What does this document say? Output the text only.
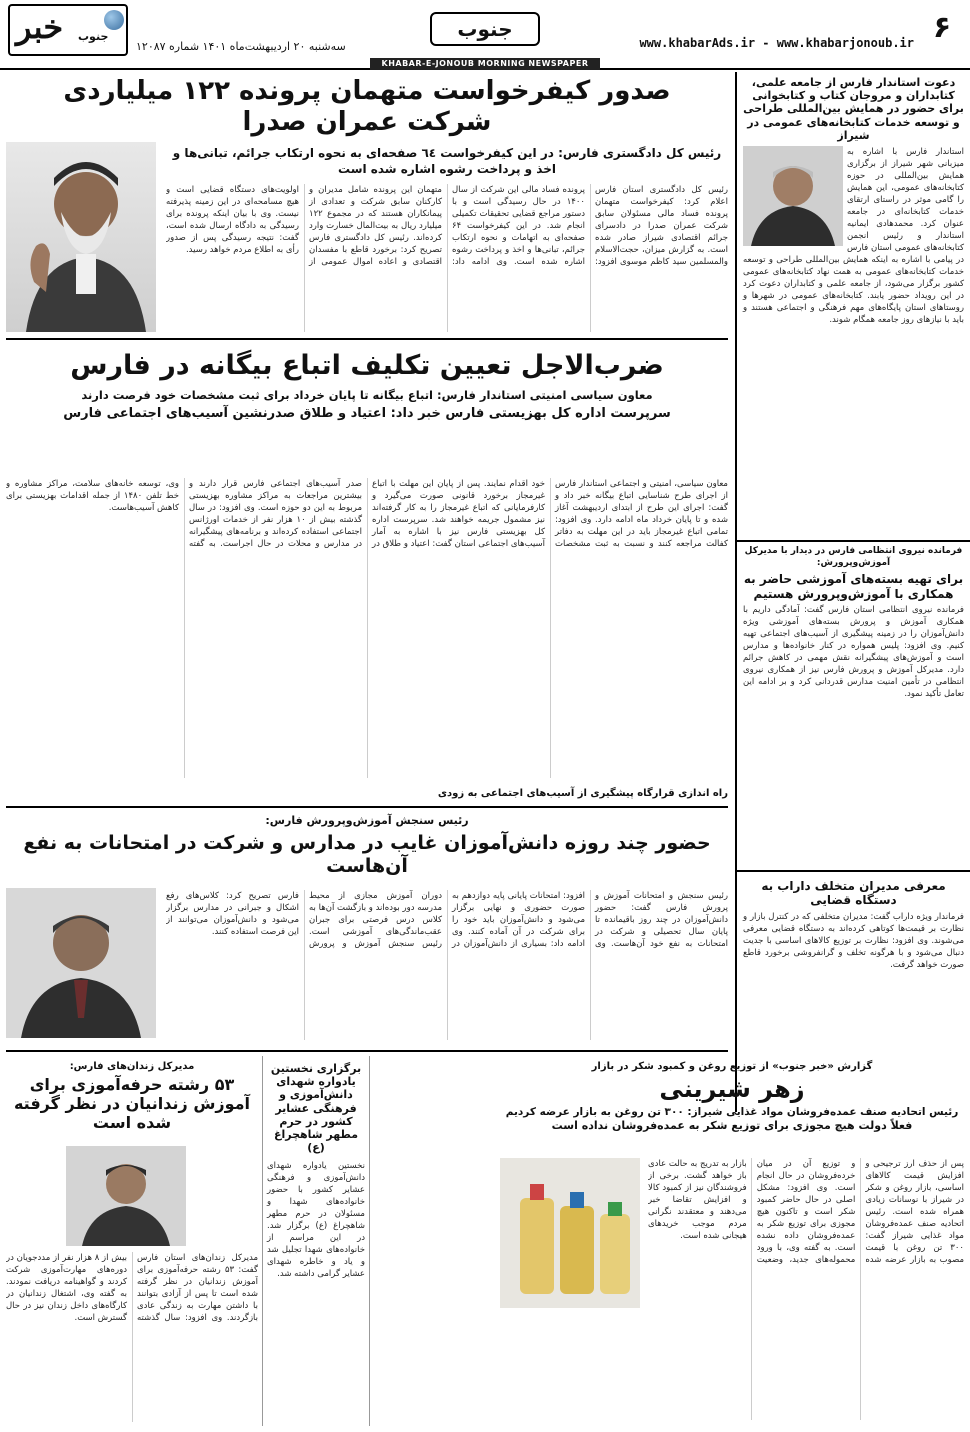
۶
www.khabarAds.ir - www.khabarjonoub.ir
جنوب
خبر جنوب
سه‌شنبه ۲۰ اردیبهشت‌ماه ۱۴۰۱ شماره ۱۲۰۸۷
KHABAR-E-JONOUB MORNING NEWSPAPER
صدور کیفرخواست متهمان پرونده ۱۲۲ میلیاردی
شرکت عمران صدرا

رئیس کل دادگستری فارس: در این کیفرخواست ٦٤ صفحه‌ای به نحوه ارتکاب جرائم، تبانی‌ها و اخذ و پرداخت رشوه اشاره شده است

رئیس کل دادگستری استان فارس اعلام کرد: کیفرخواست متهمان پرونده فساد مالی مسئولان سابق شرکت عمران صدرا در دادسرای جرائم اقتصادی شیراز صادر شده است. به گزارش میزان، حجت‌الاسلام والمسلمین سید کاظم موسوی افزود: پرونده فساد مالی این شرکت از سال ۱۴۰۰ در حال رسیدگی است و با دستور مراجع قضایی تحقیقات تکمیلی انجام شد. در این کیفرخواست ۶۴ صفحه‌ای به اتهامات و نحوه ارتکاب جرائم، تبانی‌ها و اخذ و پرداخت رشوه اشاره شده است. وی ادامه داد: متهمان این پرونده شامل مدیران و کارکنان سابق شرکت و تعدادی از پیمانکاران هستند که در مجموع ۱۲۲ میلیارد ریال به بیت‌المال خسارت وارد کرده‌اند. رئیس کل دادگستری فارس تصریح کرد: برخورد قاطع با مفسدان اقتصادی و اعاده اموال عمومی از اولویت‌های دستگاه قضایی است و هیچ مسامحه‌ای در این زمینه پذیرفته نیست. وی با بیان اینکه پرونده برای رسیدگی به دادگاه ارسال شده است، گفت: نتیجه رسیدگی پس از صدور رأی به اطلاع مردم خواهد رسید.
ضرب‌الاجل تعیین تکلیف اتباع بیگانه در فارس

معاون سیاسی امنیتی استاندار فارس: اتباع بیگانه تا پایان خرداد برای ثبت مشخصات خود فرصت دارند

سرپرست اداره کل بهزیستی فارس خبر داد: اعتیاد و طلاق صدرنشین آسیب‌های اجتماعی فارس

معاون سیاسی، امنیتی و اجتماعی استاندار فارس از اجرای طرح شناسایی اتباع بیگانه خبر داد و گفت: اجرای این طرح از ابتدای اردیبهشت آغاز شده و تا پایان خرداد ماه ادامه دارد. وی افزود: تمامی اتباع غیرمجاز باید در این مهلت به دفاتر کفالت مراجعه کنند و نسبت به ثبت مشخصات خود اقدام نمایند. پس از پایان این مهلت با اتباع غیرمجاز برخورد قانونی صورت می‌گیرد و کارفرمایانی که اتباع غیرمجاز را به کار گرفته‌اند نیز مشمول جریمه خواهند شد. سرپرست اداره کل بهزیستی فارس نیز با اشاره به آمار آسیب‌های اجتماعی استان گفت: اعتیاد و طلاق در صدر آسیب‌های اجتماعی فارس قرار دارند و بیشترین مراجعات به مراکز مشاوره بهزیستی مربوط به این دو حوزه است. وی افزود: در سال گذشته بیش از ۱۰ هزار نفر از خدمات اورژانس اجتماعی استفاده کرده‌اند و برنامه‌های پیشگیرانه در مدارس و محلات در حال اجراست. به گفته وی، توسعه خانه‌های سلامت، مراکز مشاوره و خط تلفن ۱۴۸۰ از جمله اقدامات بهزیستی برای کاهش آسیب‌هاست.

راه اندازی قرارگاه پیشگیری از آسیب‌های اجتماعی به زودی

رئیس سنجش آموزش‌وپرورش فارس:

حضور چند روزه دانش‌آموزان غایب در مدارس و شرکت در امتحانات به نفع آن‌هاست
رئیس سنجش و امتحانات آموزش و پرورش فارس گفت: حضور دانش‌آموزان در چند روز باقیمانده تا پایان سال تحصیلی و شرکت در امتحانات به نفع خود آن‌هاست. وی افزود: امتحانات پایانی پایه دوازدهم به صورت حضوری و نهایی برگزار می‌شود و دانش‌آموزان باید خود را برای شرکت در آن آماده کنند. وی ادامه داد: بسیاری از دانش‌آموزان در دوران آموزش مجازی از محیط مدرسه دور بوده‌اند و بازگشت آن‌ها به کلاس درس فرصتی برای جبران عقب‌ماندگی‌های آموزشی است. رئیس سنجش آموزش و پرورش فارس تصریح کرد: کلاس‌های رفع اشکال و جبرانی در مدارس برگزار می‌شود و دانش‌آموزان می‌توانند از این فرصت استفاده کنند.
دعوت استاندار فارس از جامعه علمی، کتابداران و مروجان کتاب و کتابخوانی برای حضور در همایش بین‌المللی طراحی و توسعه خدمات کتابخانه‌های عمومی در شیراز

استاندار فارس با اشاره به میزبانی شهر شیراز از برگزاری همایش بین‌المللی در حوزه کتابخانه‌های عمومی، این همایش را گامی موثر در راستای ارتقای خدمات کتابخانه‌ای در جامعه عنوان کرد. محمدهادی ایمانیه استاندار و رئیس انجمن کتابخانه‌های عمومی استان فارس در پیامی با اشاره به اینکه همایش بین‌المللی طراحی و توسعه خدمات کتابخانه‌های عمومی به همت نهاد کتابخانه‌های عمومی کشور برگزار می‌شود، از جامعه علمی و کتابداران دعوت کرد در این رویداد حضور یابند. کتابخانه‌های عمومی در شهرها و روستاهای استان پایگاه‌های مهم فرهنگی و اجتماعی هستند و باید با نیازهای روز جامعه همگام شوند.

فرمانده نیروی انتظامی فارس در دیدار با مدیرکل آموزش‌وپرورش:

برای تهیه بسته‌های آموزشی حاضر به همکاری با آموزش‌وپرورش هستیم

فرمانده نیروی انتظامی استان فارس گفت: آمادگی داریم با همکاری آموزش و پرورش بسته‌های آموزشی ویژه دانش‌آموزان را در زمینه پیشگیری از آسیب‌های اجتماعی تهیه کنیم. وی افزود: پلیس همواره در کنار خانواده‌ها و مدارس است و آموزش‌های پیشگیرانه نقش مهمی در کاهش جرائم دارد. مدیرکل آموزش و پرورش فارس نیز از همکاری نیروی انتظامی در تأمین امنیت مدارس قدردانی کرد و بر ادامه این تعامل تأکید نمود.

معرفی مدیران متخلف داراب به دستگاه قضایی

فرماندار ویژه داراب گفت: مدیران متخلفی که در کنترل بازار و نظارت بر قیمت‌ها کوتاهی کرده‌اند به دستگاه قضایی معرفی می‌شوند. وی افزود: نظارت بر توزیع کالاهای اساسی با جدیت دنبال می‌شود و با هرگونه تخلف و گرانفروشی برخورد قاطع صورت خواهد گرفت.

گزارش «خبر جنوب» از توزیع روغن و کمبود شکر در بازار

زهر شیرینی

رئیس اتحادیه صنف عمده‌فروشان مواد غذایی شیراز: ۳۰۰ تن روغن به بازار عرضه کردیم

فعلاً دولت هیچ مجوزی برای توزیع شکر به عمده‌فروشان نداده است

پس از حذف ارز ترجیحی و افزایش قیمت کالاهای اساسی، بازار روغن و شکر در شیراز با نوسانات زیادی همراه شده است. رئیس اتحادیه صنف عمده‌فروشان مواد غذایی شیراز گفت: ۳۰۰ تن روغن با قیمت مصوب به بازار عرضه شده و توزیع آن در میان خرده‌فروشان در حال انجام است. وی افزود: مشکل اصلی در حال حاضر کمبود شکر است و تاکنون هیچ مجوزی برای توزیع شکر به عمده‌فروشان داده نشده است. به گفته وی، با ورود محموله‌های جدید، وضعیت بازار به تدریج به حالت عادی باز خواهد گشت. برخی از فروشندگان نیز از کمبود کالا و افزایش تقاضا خبر می‌دهند و معتقدند نگرانی مردم موجب خریدهای هیجانی شده است.

برگزاری نخستین یادواره شهدای دانش‌آموزی و فرهنگی عشایر کشور در حرم مطهر شاهچراغ (ع)

نخستین یادواره شهدای دانش‌آموزی و فرهنگی عشایر کشور با حضور خانواده‌های شهدا و مسئولان در حرم مطهر شاهچراغ (ع) برگزار شد. در این مراسم از خانواده‌های شهدا تجلیل شد و یاد و خاطره شهدای عشایر گرامی داشته شد.

مدیرکل زندان‌های فارس:

۵۳ رشته حرفه‌آموزی برای آموزش زندانیان در نظر گرفته شده است
مدیرکل زندان‌های استان فارس گفت: ۵۳ رشته حرفه‌آموزی برای آموزش زندانیان در نظر گرفته شده است تا پس از آزادی بتوانند با داشتن مهارت به زندگی عادی بازگردند. وی افزود: سال گذشته بیش از ۸ هزار نفر از مددجویان در دوره‌های مهارت‌آموزی شرکت کردند و گواهینامه دریافت نمودند. به گفته وی، اشتغال زندانیان در کارگاه‌های داخل زندان نیز در حال گسترش است.
